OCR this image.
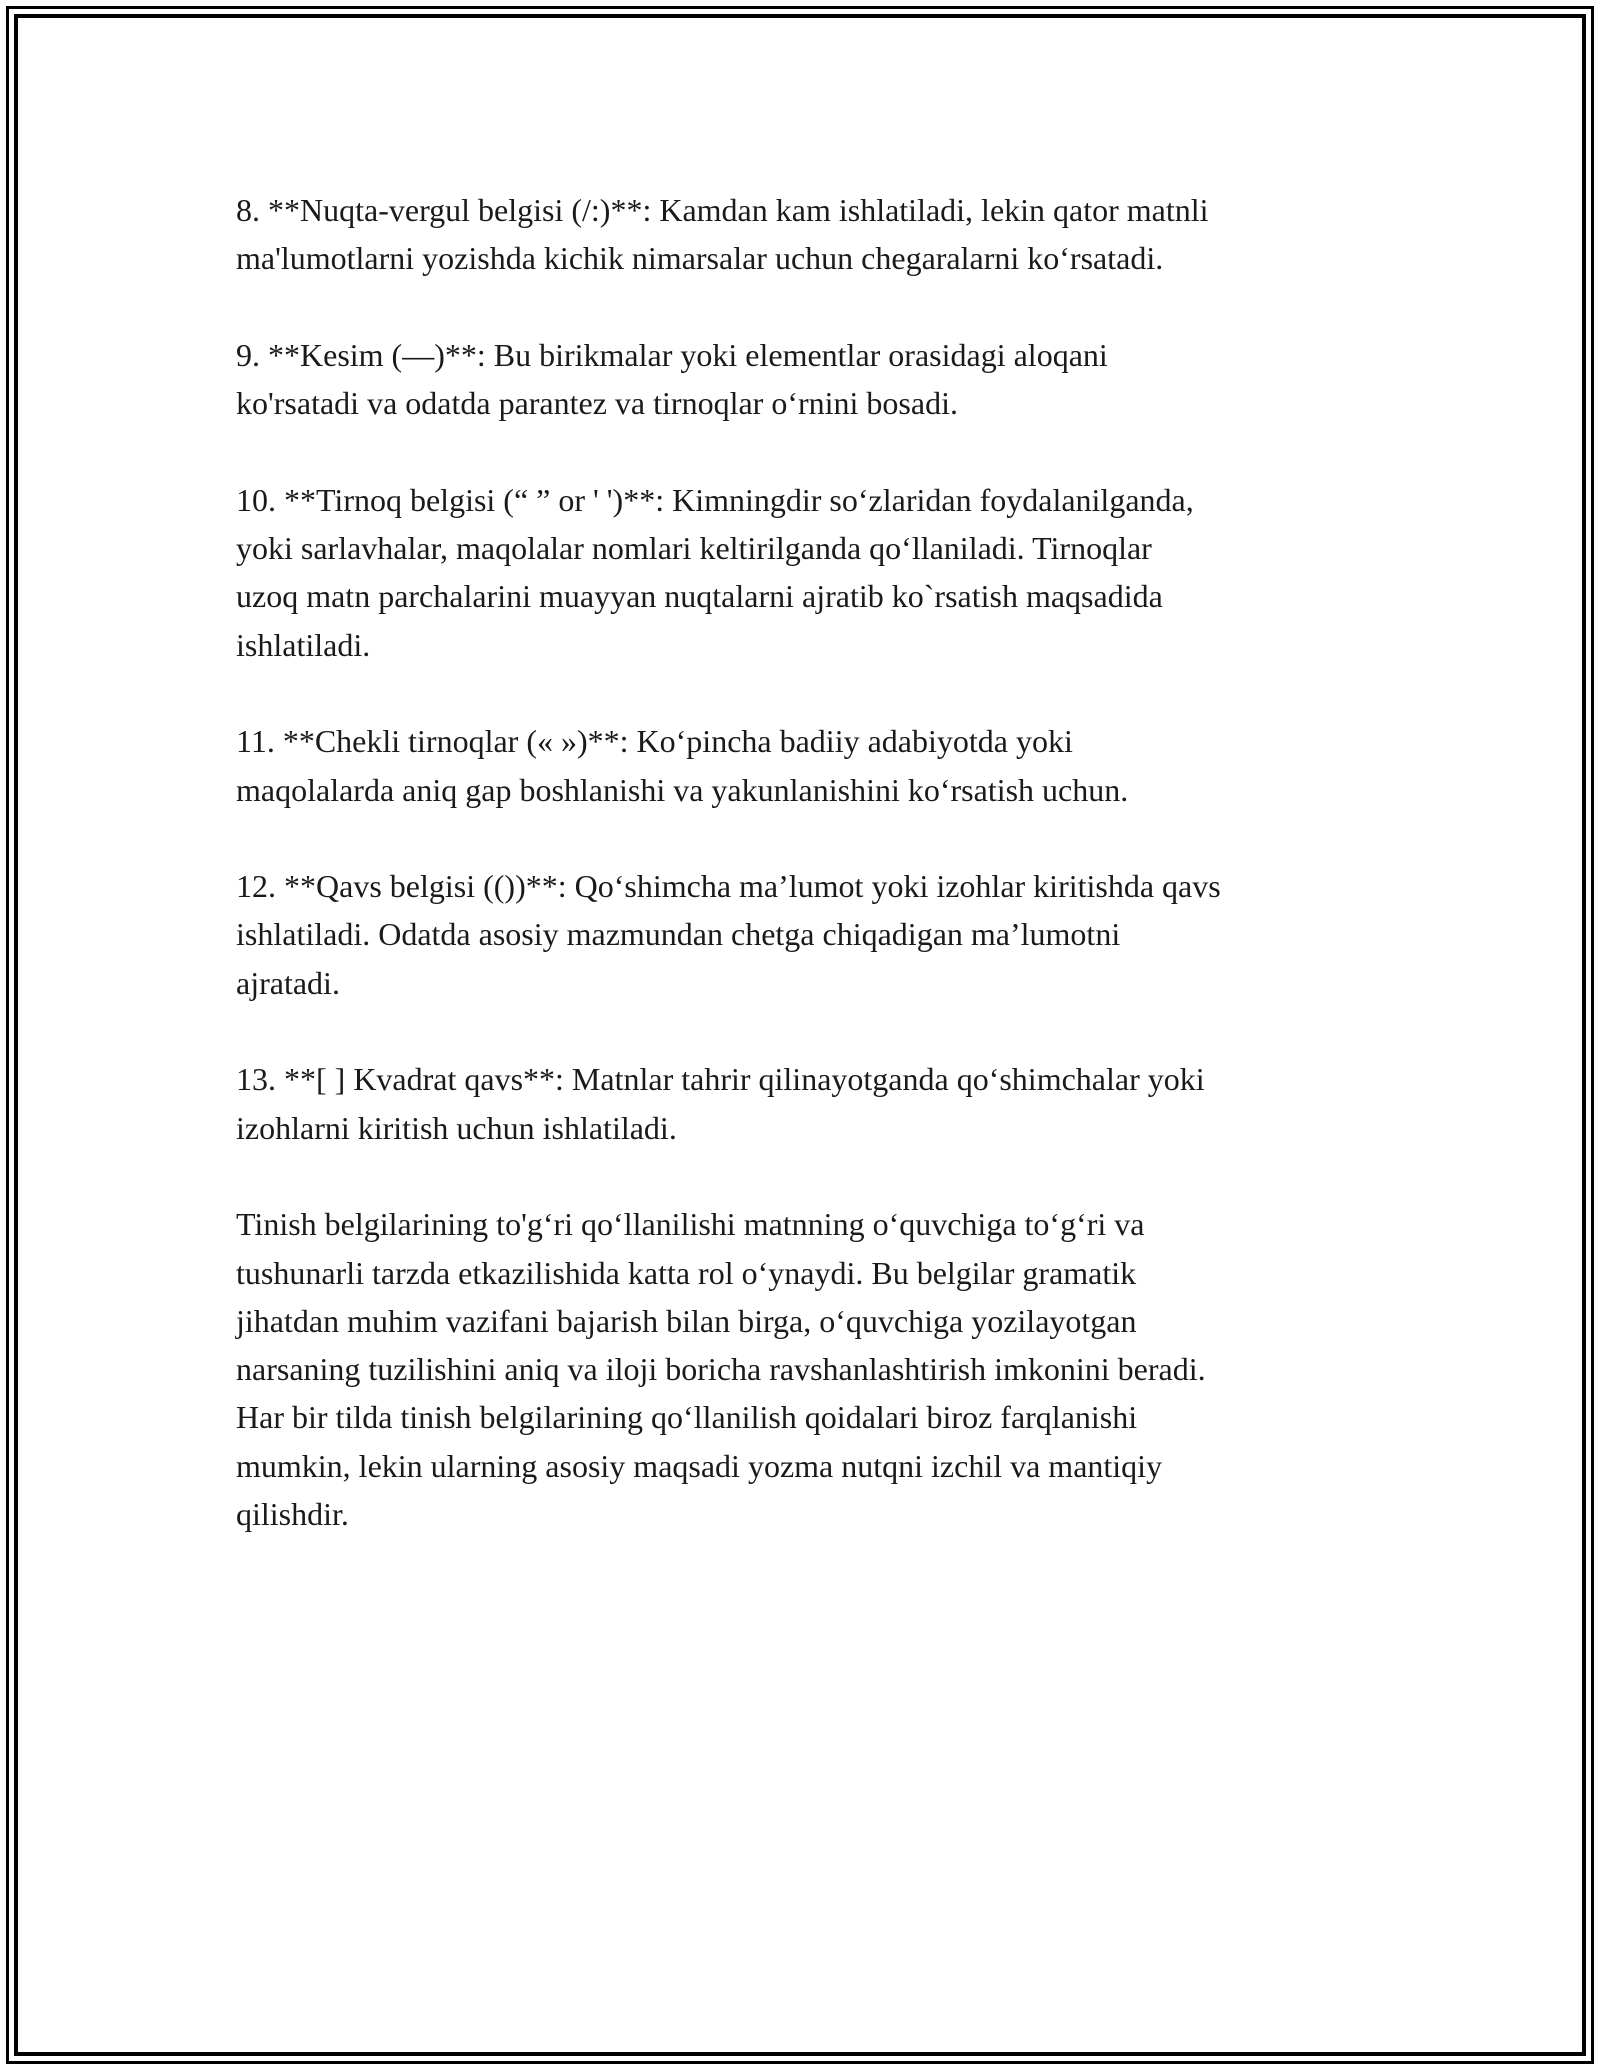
8. **Nuqta-vergul belgisi (/:)**: Kamdan kam ishlatiladi, lekin qator matnli
ma'lumotlarni yozishda kichik nimarsalar uchun chegaralarni ko‘rsatadi.

9. **Kesim (—)**: Bu birikmalar yoki elementlar orasidagi aloqani
ko'rsatadi va odatda parantez va tirnoqlar o‘rnini bosadi.

10. **Tirnoq belgisi (“ ” or ' ')**: Kimningdir so‘zlaridan foydalanilganda,
yoki sarlavhalar, maqolalar nomlari keltirilganda qo‘llaniladi. Tirnoqlar
uzoq matn parchalarini muayyan nuqtalarni ajratib ko`rsatish maqsadida
ishlatiladi.

11. **Chekli tirnoqlar (« »)**: Ko‘pincha badiiy adabiyotda yoki
maqolalarda aniq gap boshlanishi va yakunlanishini ko‘rsatish uchun.

12. **Qavs belgisi (())**: Qo‘shimcha ma’lumot yoki izohlar kiritishda qavs
ishlatiladi. Odatda asosiy mazmundan chetga chiqadigan ma’lumotni
ajratadi.

13. **[ ] Kvadrat qavs**: Matnlar tahrir qilinayotganda qo‘shimchalar yoki
izohlarni kiritish uchun ishlatiladi.

Tinish belgilarining to'g‘ri qo‘llanilishi matnning o‘quvchiga to‘g‘ri va
tushunarli tarzda etkazilishida katta rol o‘ynaydi. Bu belgilar gramatik
jihatdan muhim vazifani bajarish bilan birga, o‘quvchiga yozilayotgan
narsaning tuzilishini aniq va iloji boricha ravshanlashtirish imkonini beradi.
Har bir tilda tinish belgilarining qo‘llanilish qoidalari biroz farqlanishi
mumkin, lekin ularning asosiy maqsadi yozma nutqni izchil va mantiqiy
qilishdir.
